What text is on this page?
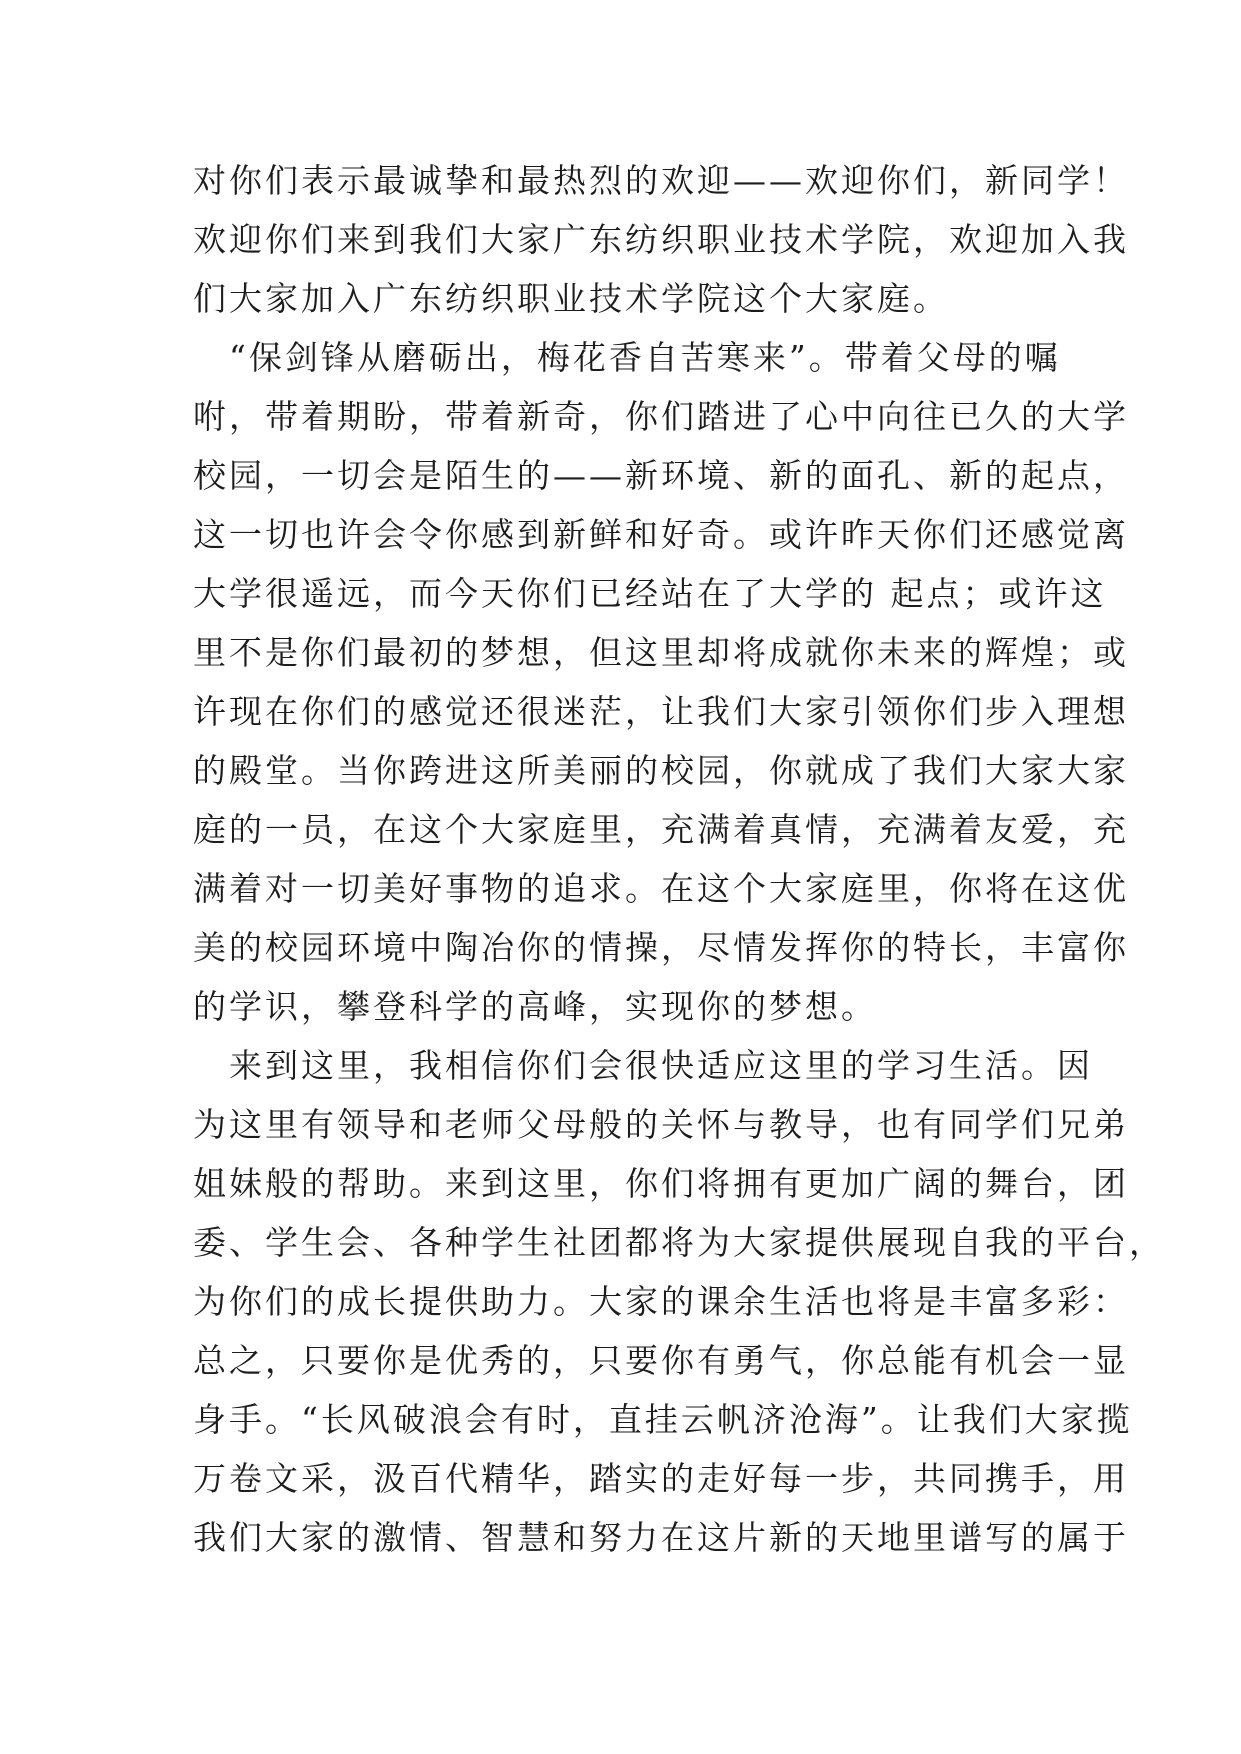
对你们表示最诚挚和最热烈的欢迎——欢迎你们，新同学！
欢迎你们来到我们大家广东纺织职业技术学院，欢迎加入我
们大家加入广东纺织职业技术学院这个大家庭。
　“保剑锋从磨砺出，梅花香自苦寒来”。带着父母的嘱
咐，带着期盼，带着新奇，你们踏进了心中向往已久的大学
校园，一切会是陌生的——新环境、新的面孔、新的起点，
这一切也许会令你感到新鲜和好奇。或许昨天你们还感觉离
大学很遥远，而今天你们已经站在了大学的 起点；或许这
里不是你们最初的梦想，但这里却将成就你未来的辉煌；或
许现在你们的感觉还很迷茫，让我们大家引领你们步入理想
的殿堂。当你跨进这所美丽的校园，你就成了我们大家大家
庭的一员，在这个大家庭里，充满着真情，充满着友爱，充
满着对一切美好事物的追求。在这个大家庭里，你将在这优
美的校园环境中陶冶你的情操，尽情发挥你的特长，丰富你
的学识，攀登科学的高峰，实现你的梦想。
　来到这里，我相信你们会很快适应这里的学习生活。因
为这里有领导和老师父母般的关怀与教导，也有同学们兄弟
姐妹般的帮助。来到这里，你们将拥有更加广阔的舞台，团
委、学生会、各种学生社团都将为大家提供展现自我的平台，
为你们的成长提供助力。大家的课余生活也将是丰富多彩：
总之，只要你是优秀的，只要你有勇气，你总能有机会一显
身手。“长风破浪会有时，直挂云帆济沧海”。让我们大家揽
万卷文采，汲百代精华，踏实的走好每一步，共同携手，用
我们大家的激情、智慧和努力在这片新的天地里谱写的属于
